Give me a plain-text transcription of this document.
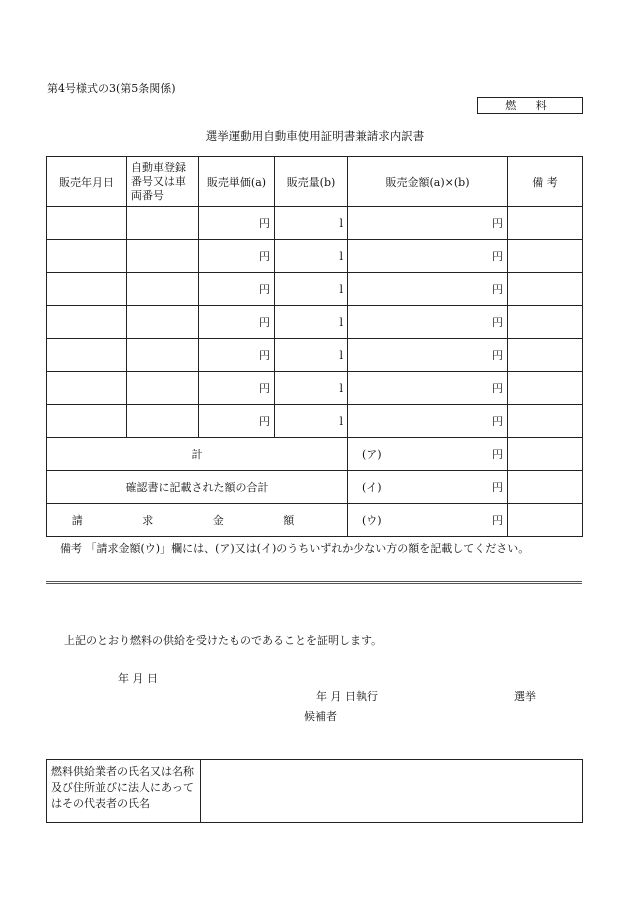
第4号様式の3(第5条関係)
燃 料
選挙運動用自動車使用証明書兼請求内訳書
販売年月日	自動車登録番号又は車両番号	販売単価(a)	販売量(b)	販売金額(a)×(b)	備 考
		円	l	円	
		円	l	円	
		円	l	円	
		円	l	円	
		円	l	円	
		円	l	円	
		円	l	円	
計				(ア) 円	

確認書に記載された額の合計				(イ) 円	

請 求 金 額				(ウ) 円	

備考 「請求金額(ウ)」欄には、(ア)又は(イ)のうちいずれか少ない方の額を記載してください。
上記のとおり燃料の供給を受けたものであることを証明します。
年 月 日
年 月 日執行	選挙
候補者
燃料供給業者の氏名又は名称及び住所並びに法人にあってはその代表者の氏名	
